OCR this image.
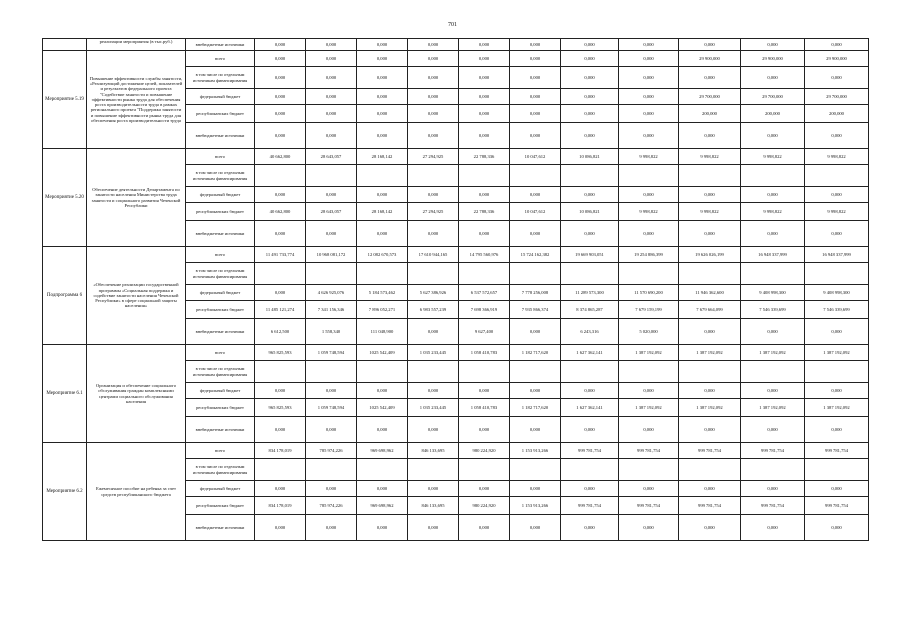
701
	реализации мероприятия (в тыс.руб.)	внебюджетные источники	0,000	0,000	0,000	0,000	0,000	0,000	0,000	0,000	0,000	0,000	0,000
Мероприятие 5.19	Повышение эффективности службы занятости, «Реализующий достижение целей, показателей и результатов федерального проекта "Содействие занятости и повышение эффективности рынка труда для обеспечения роста производительности труда в рамках регионального проекта "Поддержка занятости и повышение эффективности рынка труда для обеспечения роста производительности труда	всего	0,000	0,000	0,000	0,000	0,000	0,000	0,000	0,000	29 900,000	29 900,000	29 900,000
		в том числе по отдельным источникам финансирования	0,000	0,000	0,000	0,000	0,000	0,000	0,000	0,000	0,000	0,000	0,000
		федеральный бюджет	0,000	0,000	0,000	0,000	0,000	0,000	0,000	0,000	29 700,000	29 700,000	29 700,000
		республиканских бюджет	0,000	0,000	0,000	0,000	0,000	0,000	0,000	0,000	200,000	200,000	200,000
		внебюджетные источники	0,000	0,000	0,000	0,000	0,000	0,000	0,000	0,000	0,000	0,000	0,000
Мероприятие 5.20	Обеспечение деятельности Департамента по занятости населения Министерства труда занятости и социального развития Чеченской Республики	всего	40 662,800	28 643,057	28 168,142	27 294,925	22 788,336	10 047,612	10 086,821	9 998,822	9 998,822	9 998,822	9 998,822
		в том числе по отдельным источникам финансирования											
		федеральный бюджет	0,000	0,000	0,000	0,000	0,000	0,000	0,000	0,000	0,000	0,000	0,000
		республиканских бюджет	40 662,800	28 643,057	28 168,142	27 294,925	22 788,336	10 047,612	10 086,821	9 998,822	9 998,822	9 998,822	9 998,822
		внебюджетные источники	0,000	0,000	0,000	0,000	0,000	0,000	0,000	0,000	0,000	0,000	0,000
Подпрограмма 6	«Обеспечение реализации государственной программы «Социальная поддержка и содействие занятости населения Чеченской Республики» в сфере социальной защиты населения»	всего	11 491 733,774	10 968 081,172	12 082 670,573	17 610 944,165	14 795 560,976	15 724 162,382	19 669 903,051	19 254 886,399	19 626 026,199	16 948 337,999	16 948 337,999
		в том числе по отдельным источникам финансирования											
		федеральный бюджет	0,000	4 626 925,076	5 184 573,462	5 627 386,926	6 537 572,657	7 778 256,008	11 289 573,300	11 570 690,200	11 946 362,600	9 408 998,300	9 408 998,300
		республиканских бюджет	11 485 121,274	7 341 156,346	7 896 052,271	6 983 557,239	7 698 366,919	7 935 866,374	8 374 865,287	7 679 159,199	7 679 664,099	7 546 339,699	7 546 339,699
		внебюджетные источники	6 612,500	1 558,340	111 048,900	0,000	9 627,400	0,000	6 243,316	5 020,000	0,000	0,000	0,000
Мероприятие 6.1	Организация и обеспечение социального обслуживания граждан комплексными центрами социального обслуживания населения	всего	965 825,593	1 059 748,594	1025 542,409	1 035 233,445	1 058 410,783	1 182 717,620	1 627 362,141	1 387 192,092	1 387 192,092	1 387 192,092	1 387 192,092
		в том числе по отдельным источникам финансирования											
		федеральный бюджет	0,000	0,000	0,000	0,000	0,000	0,000	0,000	0,000	0,000	0,000	0,000
		республиканских бюджет	965 825,593	1 059 748,594	1025 542,409	1 035 233,445	1 058 410,783	1 182 717,620	1 627 362,141	1 387 192,092	1 387 192,092	1 387 192,092	1 387 192,092
		внебюджетные источники	0,000	0,000	0,000	0,000	0,000	0,000	0,000	0,000	0,000	0,000	0,000
Мероприятие 6.2	Ежемесячное пособие на ребенка за счет средств республиканского бюджета	всего	834 178,019	785 974,226	969 698,962	846 133,695	980 224,920	1 153 913,266	999 781,754	999 781,754	999 781,754	999 781,754	999 781,754
		в том числе по отдельным источникам финансирования											
		федеральный бюджет	0,000	0,000	0,000	0,000	0,000	0,000	0,000	0,000	0,000	0,000	0,000
		республиканских бюджет	834 178,019	785 974,226	969 698,962	846 133,695	980 224,920	1 153 913,266	999 781,754	999 781,754	999 781,754	999 781,754	999 781,754
		внебюджетные источники	0,000	0,000	0,000	0,000	0,000	0,000	0,000	0,000	0,000	0,000	0,000
